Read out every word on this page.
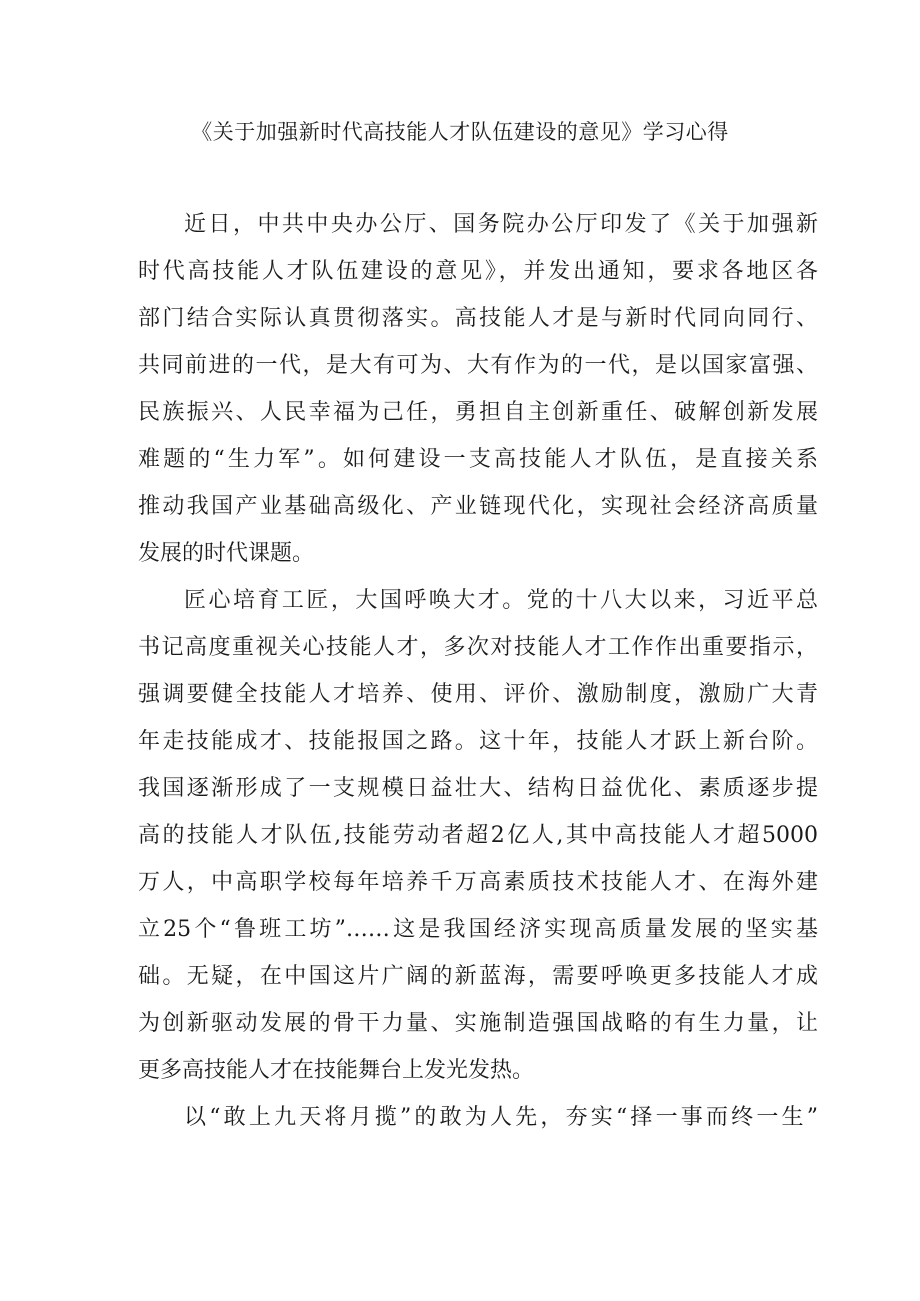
《关于加强新时代高技能人才队伍建设的意见》学习心得

近日，中共中央办公厅、国务院办公厅印发了《关于加强新

时代高技能人才队伍建设的意见》，并发出通知，要求各地区各

部门结合实际认真贯彻落实。高技能人才是与新时代同向同行、

共同前进的一代，是大有可为、大有作为的一代，是以国家富强、

民族振兴、人民幸福为己任，勇担自主创新重任、破解创新发展

难题的“生力军”。如何建设一支高技能人才队伍，是直接关系

推动我国产业基础高级化、产业链现代化，实现社会经济高质量

发展的时代课题。

匠心培育工匠，大国呼唤大才。党的十八大以来，习近平总

书记高度重视关心技能人才，多次对技能人才工作作出重要指示，

强调要健全技能人才培养、使用、评价、激励制度，激励广大青

年走技能成才、技能报国之路。这十年，技能人才跃上新台阶。

我国逐渐形成了一支规模日益壮大、结构日益优化、素质逐步提

高的技能人才队伍,技能劳动者超2亿人,其中高技能人才超5000

万人，中高职学校每年培养千万高素质技术技能人才、在海外建

立25个“鲁班工坊”……这是我国经济实现高质量发展的坚实基

础。无疑，在中国这片广阔的新蓝海，需要呼唤更多技能人才成

为创新驱动发展的骨干力量、实施制造强国战略的有生力量，让

更多高技能人才在技能舞台上发光发热。

以“敢上九天将月揽”的敢为人先，夯实“择一事而终一生”
